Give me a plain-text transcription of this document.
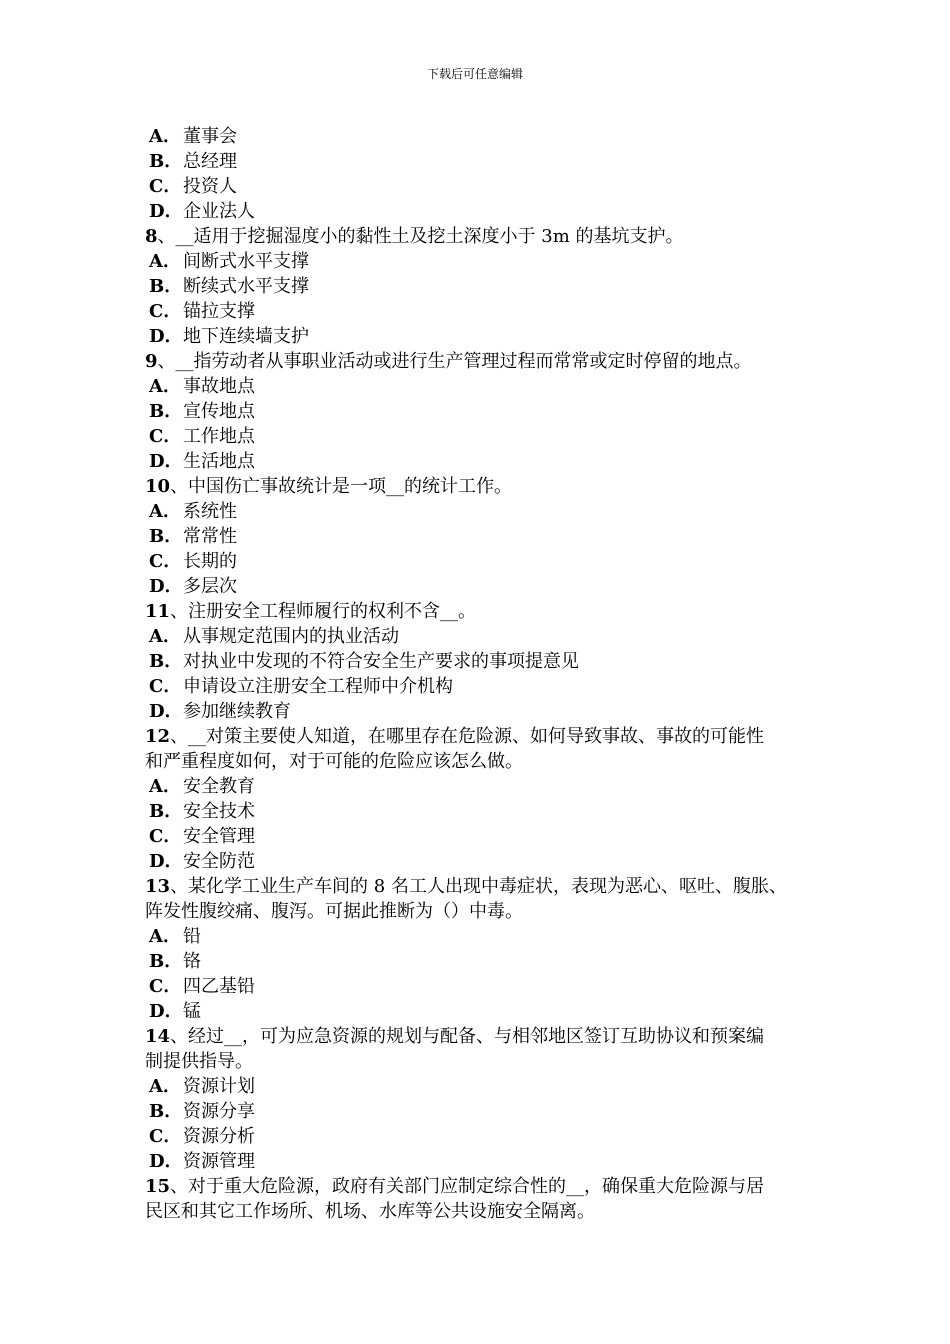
下载后可任意编辑
A． 董事会
B．总经理
C．投资人
D．企业法人
8、__适用于挖掘湿度小的黏性土及挖土深度小于 3m 的基坑支护。
A． 间断式水平支撑
B．断续式水平支撑
C．锚拉支撑
D．地下连续墙支护
9、__指劳动者从事职业活动或进行生产管理过程而常常或定时停留的地点。
A． 事故地点
B．宣传地点
C．工作地点
D．生活地点
10、中国伤亡事故统计是一项__的统计工作。
A． 系统性
B．常常性
C．长期的
D．多层次
11、注册安全工程师履行的权利不含__。
A． 从事规定范围内的执业活动
B．对执业中发现的不符合安全生产要求的事项提意见
C．申请设立注册安全工程师中介机构
D．参加继续教育
12、__对策主要使人知道，在哪里存在危险源、如何导致事故、事故的可能性
和严重程度如何，对于可能的危险应该怎么做。
A． 安全教育
B．安全技术
C．安全管理
D．安全防范
13、某化学工业生产车间的 8 名工人出现中毒症状，表现为恶心、呕吐、腹胀、
阵发性腹绞痛、腹泻。可据此推断为（）中毒。
A． 铅
B．铬
C．四乙基铅
D．锰
14、经过__，可为应急资源的规划与配备、与相邻地区签订互助协议和预案编
制提供指导。
A． 资源计划
B．资源分享
C．资源分析
D．资源管理
15、对于重大危险源，政府有关部门应制定综合性的__，确保重大危险源与居
民区和其它工作场所、机场、水库等公共设施安全隔离。
